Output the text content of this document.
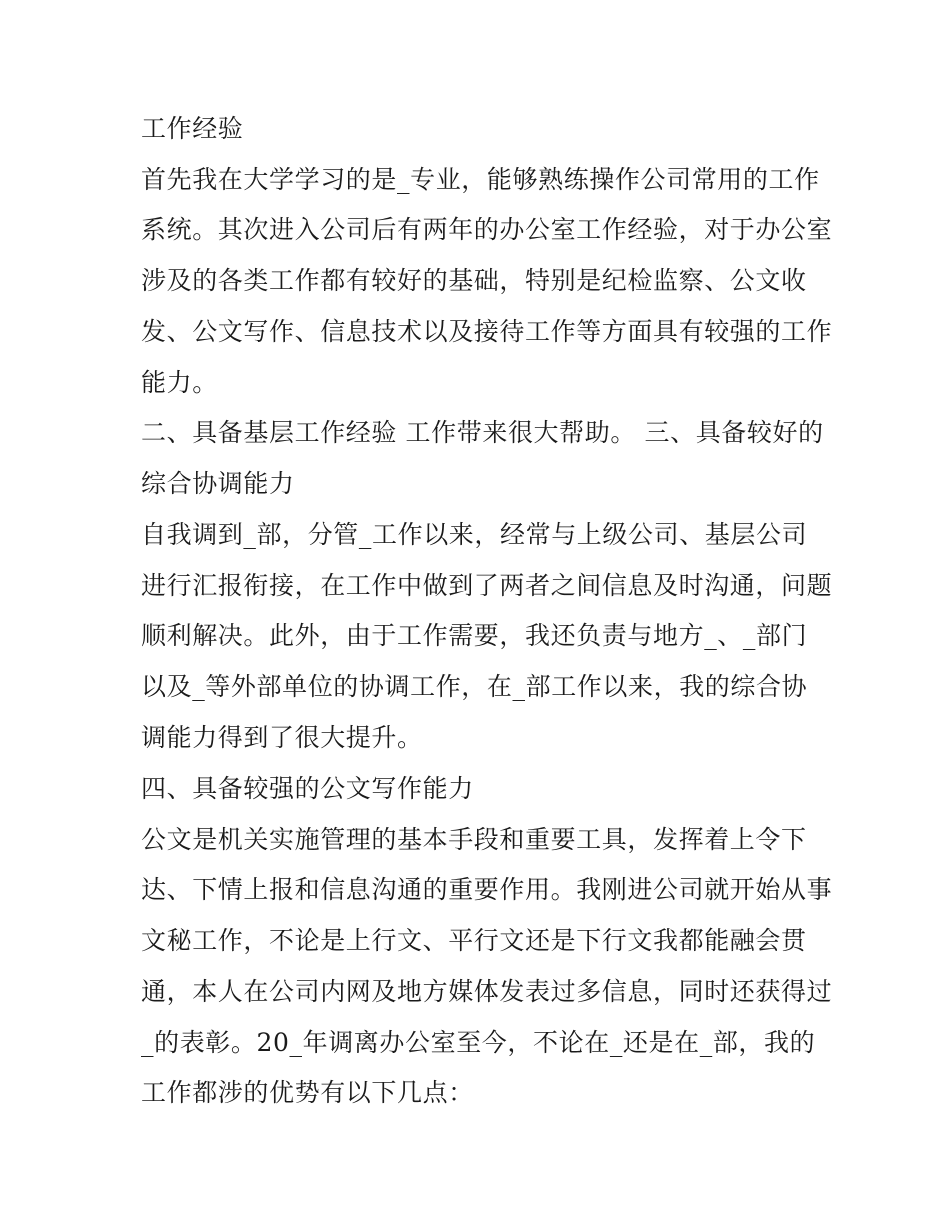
工作经验
首先我在大学学习的是_专业，能够熟练操作公司常用的工作
系统。其次进入公司后有两年的办公室工作经验，对于办公室
涉及的各类工作都有较好的基础，特别是纪检监察、公文收
发、公文写作、信息技术以及接待工作等方面具有较强的工作
能力。
二、具备基层工作经验 工作带来很大帮助。 三、具备较好的
综合协调能力
自我调到_部，分管_工作以来，经常与上级公司、基层公司
进行汇报衔接，在工作中做到了两者之间信息及时沟通，问题
顺利解决。此外，由于工作需要，我还负责与地方_、_部门
以及_等外部单位的协调工作，在_部工作以来，我的综合协
调能力得到了很大提升。
四、具备较强的公文写作能力
公文是机关实施管理的基本手段和重要工具，发挥着上令下
达、下情上报和信息沟通的重要作用。我刚进公司就开始从事
文秘工作，不论是上行文、平行文还是下行文我都能融会贯
通，本人在公司内网及地方媒体发表过多信息，同时还获得过
_的表彰。20_年调离办公室至今，不论在_还是在_部，我的
工作都涉的优势有以下几点：
